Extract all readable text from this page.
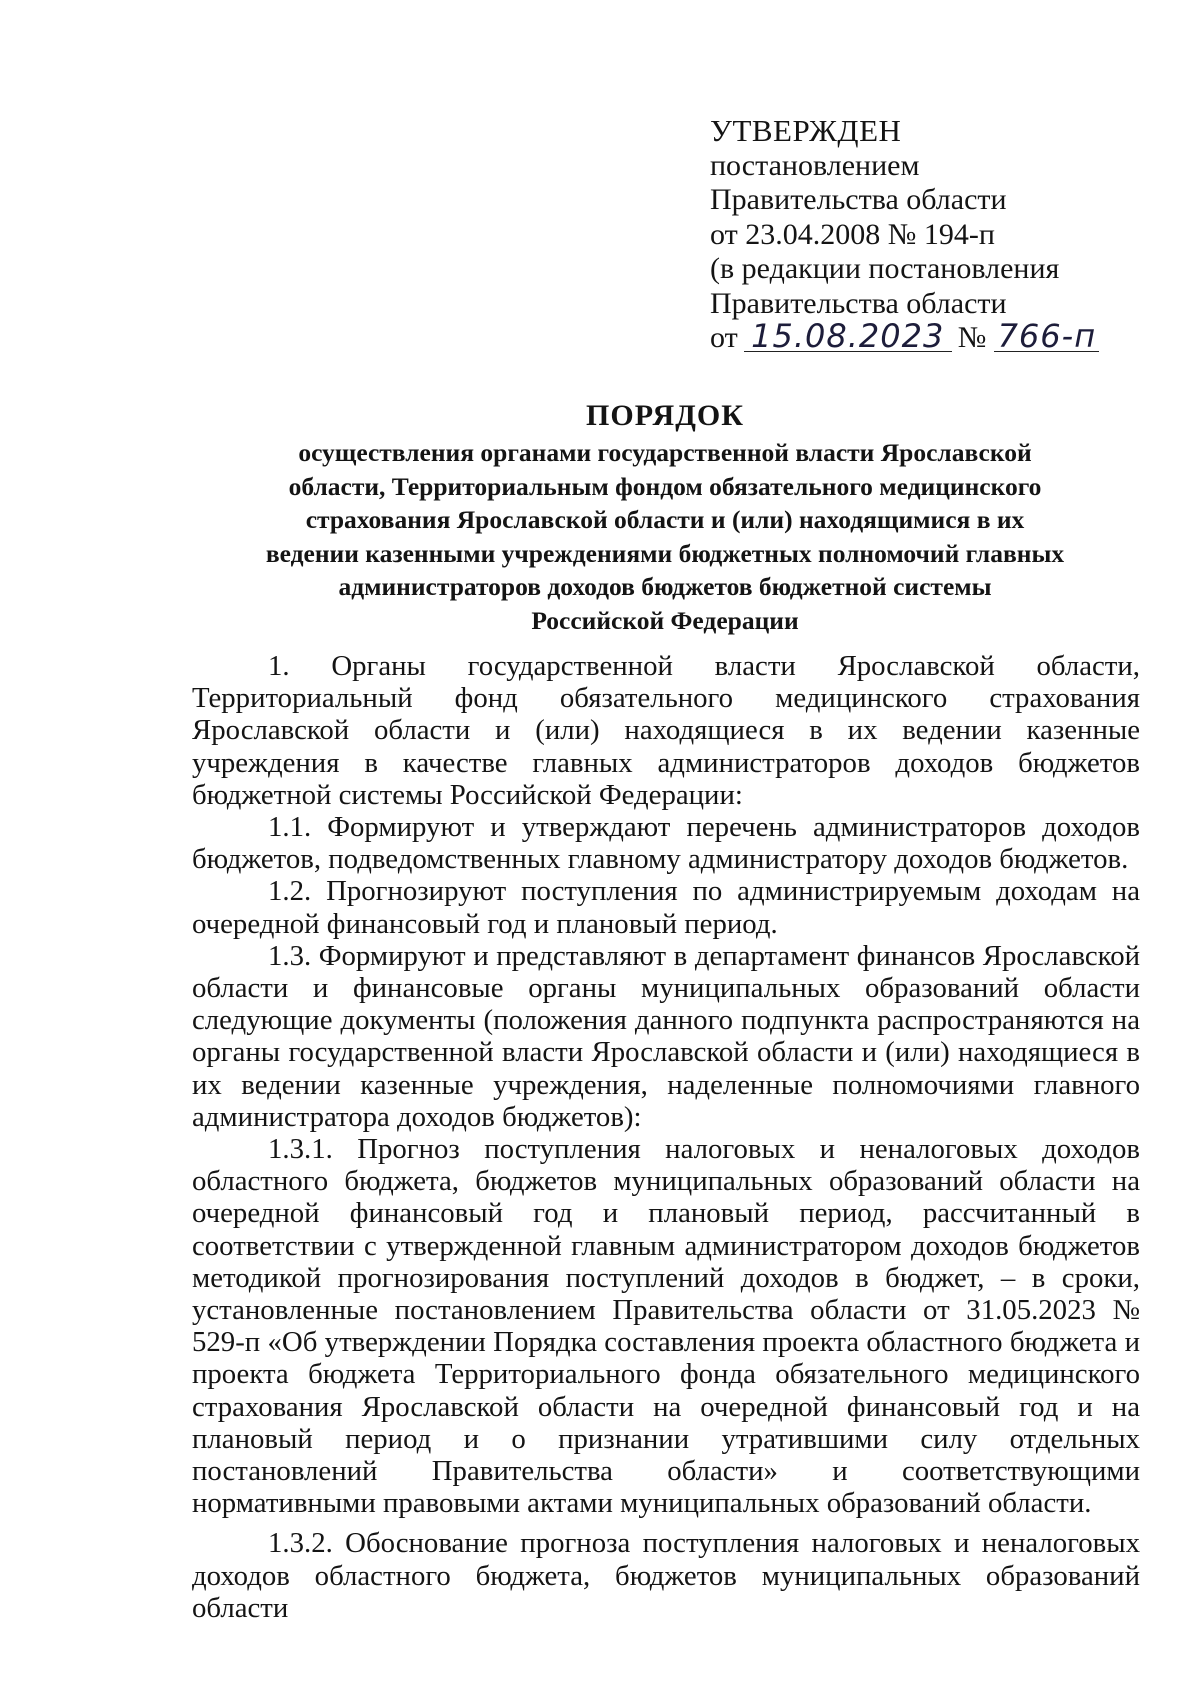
УТВЕРЖДЕН
постановлением
Правительства области
от 23.04.2008 № 194-п
(в редакции постановления
Правительства области
от 15.08.2023 № 766-п
ПОРЯДОК
осуществления органами государственной власти Ярославской
области, Территориальным фондом обязательного медицинского
страхования Ярославской области и (или) находящимися в их
ведении казенными учреждениями бюджетных полномочий главных
администраторов доходов бюджетов бюджетной системы
Российской Федерации

1. Органы государственной власти Ярославской области, Территориальный фонд обязательного медицинского страхования Ярославской области и (или) находящиеся в их ведении казенные учреждения в качестве главных администраторов доходов бюджетов бюджетной системы Российской Федерации:

1.1. Формируют и утверждают перечень администраторов доходов бюджетов, подведомственных главному администратору доходов бюджетов.

1.2. Прогнозируют поступления по администрируемым доходам на очередной финансовый год и плановый период.

1.3. Формируют и представляют в департамент финансов Ярославской области и финансовые органы муниципальных образований области следующие документы (положения данного подпункта распространяются на органы государственной власти Ярославской области и (или) находящиеся в их ведении казенные учреждения, наделенные полномочиями главного администратора доходов бюджетов):

1.3.1. Прогноз поступления налоговых и неналоговых доходов областного бюджета, бюджетов муниципальных образований области на очередной финансовый год и плановый период, рассчитанный в соответствии с утвержденной главным администратором доходов бюджетов методикой прогнозирования поступлений доходов в бюджет, – в сроки, установленные постановлением Правительства области от 31.05.2023 № 529-п «Об утверждении Порядка составления проекта областного бюджета и проекта бюджета Территориального фонда обязательного медицинского страхования Ярославской области на очередной финансовый год и на плановый период и о признании утратившими силу отдельных постановлений Правительства области» и соответствующими нормативными правовыми актами муниципальных образований области.

1.3.2. Обоснование прогноза поступления налоговых и неналоговых доходов областного бюджета, бюджетов муниципальных образований области
